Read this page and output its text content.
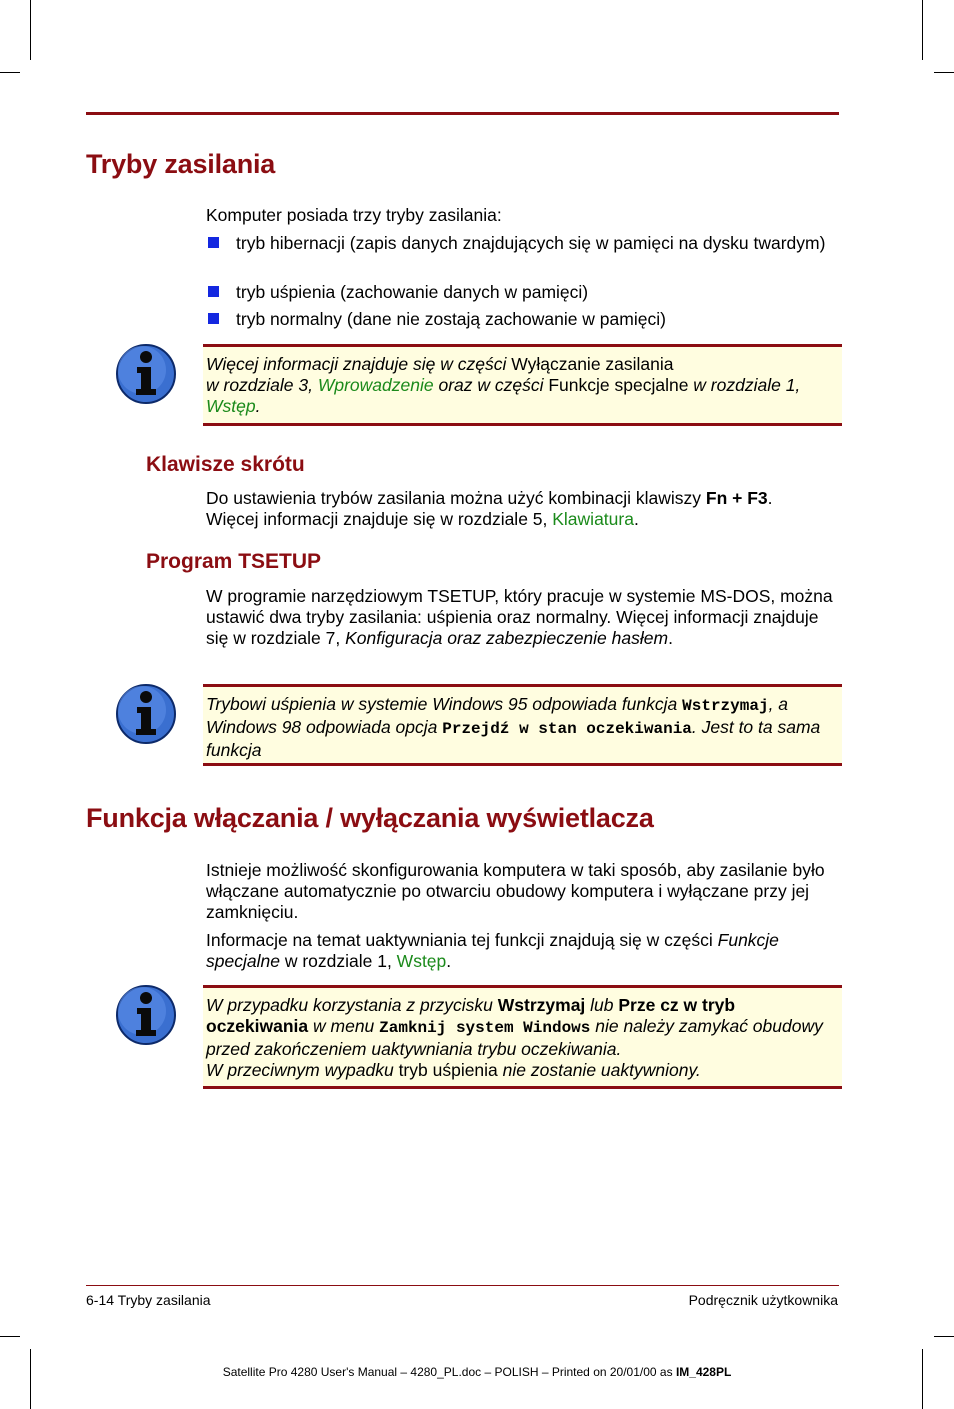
Tryby zasilania

Komputer posiada trzy tryby zasilania:

tryb hibernacji (zapis danych znajdujących się w pamięci na dysku twardym)
tryb uśpienia (zachowanie danych w pamięci)
tryb normalny (dane nie zostają zachowanie w pamięci)
Więcej informacji znajduje się w części Wyłączanie zasilania
w rozdziale 3, Wprowadzenie oraz w części Funkcje specjalne w rozdziale 1, Wstęp.
Klawisze skrótu

Do ustawienia trybów zasilania można użyć kombinacji klawiszy Fn + F3.
Więcej informacji znajduje się w rozdziale 5, Klawiatura.

Program TSETUP

W programie narzędziowym TSETUP, który pracuje w systemie MS-DOS, można ustawić dwa tryby zasilania: uśpienia oraz normalny. Więcej informacji znajduje się w rozdziale 7, Konfiguracja oraz zabezpieczenie hasłem.

Trybowi uśpienia w systemie Windows 95 odpowiada funkcja Wstrzymaj, a Windows 98 odpowiada opcja Przejdź w stan oczekiwania. Jest to ta sama funkcja
Funkcja włączania / wyłączania wyświetlacza

Istnieje możliwość skonfigurowania komputera w taki sposób, aby zasilanie było włączane automatycznie po otwarciu obudowy komputera i wyłączane przy jej zamknięciu.

Informacje na temat uaktywniania tej funkcji znajdują się w części Funkcje specjalne w rozdziale 1, Wstęp.

W przypadku korzystania z przycisku Wstrzymaj lub Prze cz w tryb oczekiwania w menu Zamknij system Windows nie należy zamykać obudowy przed zakończeniem uaktywniania trybu oczekiwania.
W przeciwnym wypadku tryb uśpienia nie zostanie uaktywniony.
6-14 Tryby zasilania	Podręcznik użytkownika
Satellite Pro 4280 User's Manual – 4280_PL.doc – POLISH – Printed on 20/01/00 as IM_428PL
